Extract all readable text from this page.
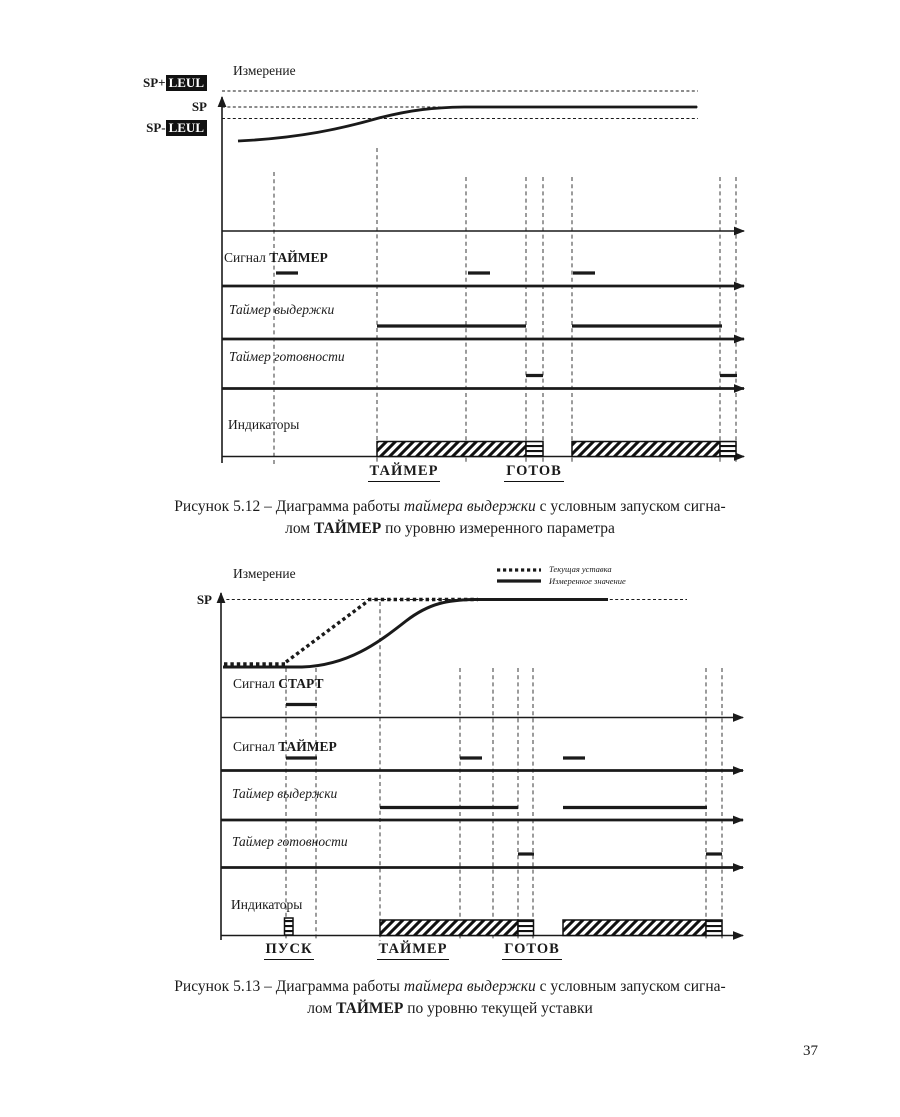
Измерение
SP+ LEUL
SP
SP- LEUL
Сигнал ТАЙМЕР
Таймер выдержки
Таймер готовности
Индикаторы
ТАЙМЕР	ГОТОВ
Рисунок 5.12 – Диаграмма работы таймера выдержки с условным запуском сигна-
лом ТАЙМЕР по уровню измеренного параметра
Измерение	Текущая уставка
Измеренное значение
SP
Сигнал СТАРТ
Сигнал ТАЙМЕР
Таймер выдержки
Таймер готовности
Индикаторы
ПУСК	ТАЙМЕР	ГОТОВ
Рисунок 5.13 – Диаграмма работы таймера выдержки с условным запуском сигна-
лом ТАЙМЕР по уровню текущей уставки
37
